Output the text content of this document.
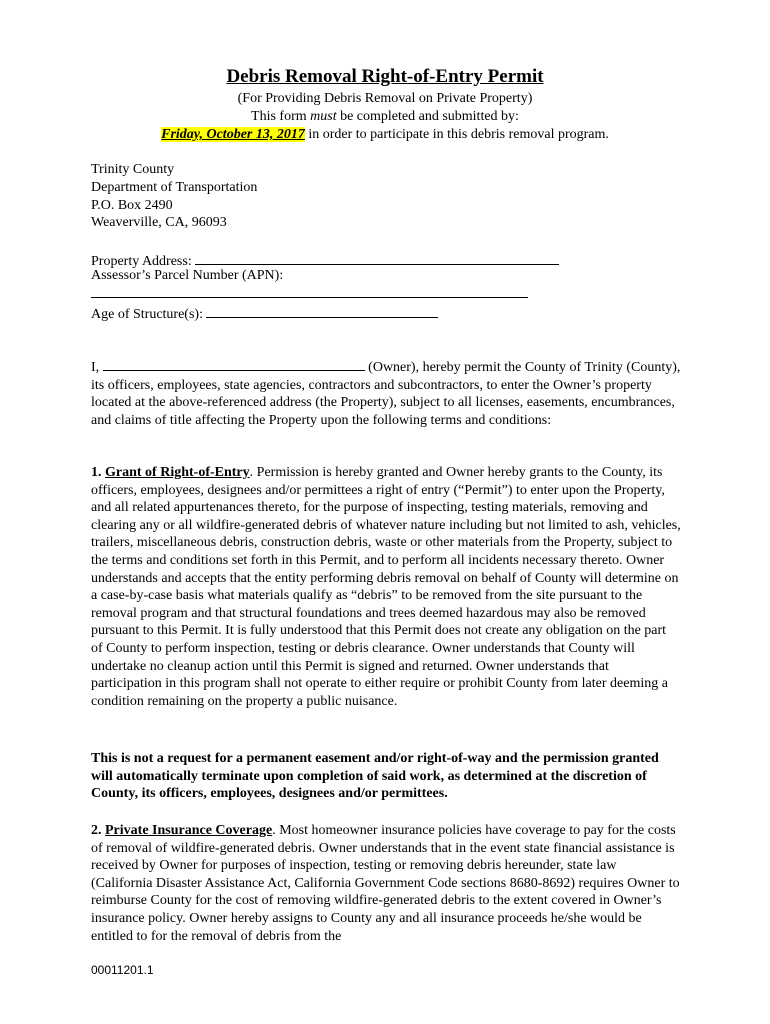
Debris Removal Right-of-Entry Permit
(For Providing Debris Removal on Private Property)
This form must be completed and submitted by:
Friday, October 13, 2017 in order to participate in this debris removal program.
Trinity County
Department of Transportation
P.O. Box 2490
Weaverville, CA, 96093
Property Address:
Assessor’s Parcel Number (APN):
Age of Structure(s):
I,	(Owner), hereby permit the County of Trinity (County), its officers, employees, state agencies, contractors and subcontractors, to enter the Owner’s property located at the above-referenced address (the Property), subject to all licenses, easements, encumbrances, and claims of title affecting the Property upon the following terms and conditions:
1. Grant of Right-of-Entry. Permission is hereby granted and Owner hereby grants to the County, its officers, employees, designees and/or permittees a right of entry (“Permit”) to enter upon the Property, and all related appurtenances thereto, for the purpose of inspecting, testing materials, removing and clearing any or all wildfire-generated debris of whatever nature including but not limited to ash, vehicles, trailers, miscellaneous debris, construction debris, waste or other materials from the Property, subject to the terms and conditions set forth in this Permit, and to perform all incidents necessary thereto. Owner understands and accepts that the entity performing debris removal on behalf of County will determine on a case-by-case basis what materials qualify as “debris” to be removed from the site pursuant to the removal program and that structural foundations and trees deemed hazardous may also be removed pursuant to this Permit. It is fully understood that this Permit does not create any obligation on the part of County to perform inspection, testing or debris clearance. Owner understands that County will undertake no cleanup action until this Permit is signed and returned. Owner understands that participation in this program shall not operate to either require or prohibit County from later deeming a condition remaining on the property a public nuisance.
This is not a request for a permanent easement and/or right-of-way and the permission granted will automatically terminate upon completion of said work, as determined at the discretion of County, its officers, employees, designees and/or permittees.
2. Private Insurance Coverage. Most homeowner insurance policies have coverage to pay for the costs of removal of wildfire-generated debris. Owner understands that in the event state financial assistance is received by Owner for purposes of inspection, testing or removing debris hereunder, state law (California Disaster Assistance Act, California Government Code sections 8680-8692) requires Owner to reimburse County for the cost of removing wildfire-generated debris to the extent covered in Owner’s insurance policy. Owner hereby assigns to County any and all insurance proceeds he/she would be entitled to for the removal of debris from the
00011201.1
